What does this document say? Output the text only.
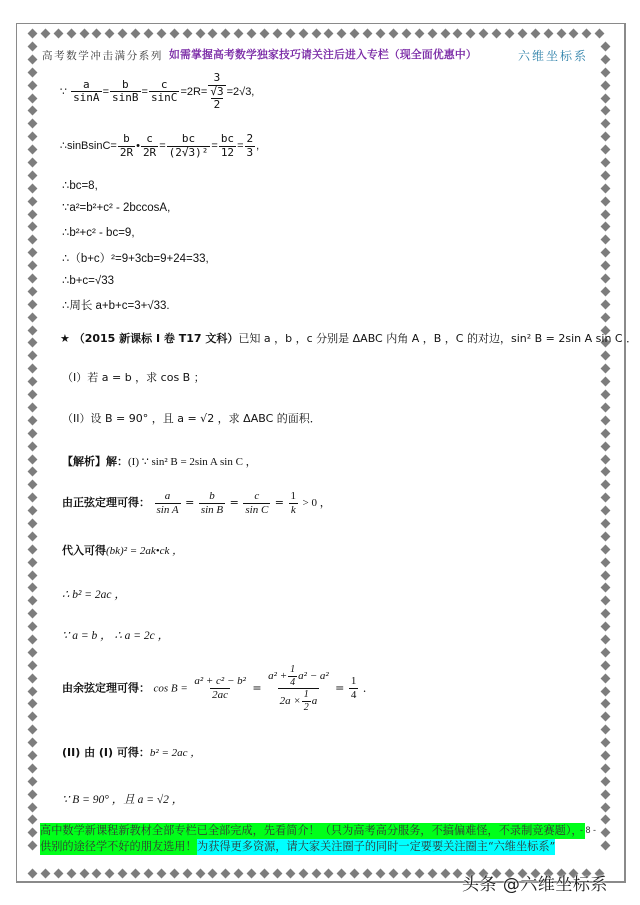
高考数学冲击满分系列 如需掌握高考数学独家技巧请关注后进入专栏（现全面优惠中）	六维坐标系
∵ $\frac{a}{\sin A} = \frac{b}{\sin B} = \frac{c}{\sin C} =2R= 3$
√3
2 =2√3,
∴sinBsinC= $\frac{b}{2R}$ • $\frac{c}{2R} = \frac{bc}{\text{(2√3)²}} = \frac{bc}{12} = \frac{2}{3}$ ,
∴bc=8,
∵a²=b²+c² - 2bccosA,
∴b²+c² - bc=9,
∴（b+c）²=9+3cb=9+24=33,
∴b+c=√33
∴周长 a+b+c=3+√33.
★ （2015 新课标 I 卷 T17 文科）已知 a ，b ，c 分别是 ΔABC 内角 A ，B ，C 的对边，sin² B = 2sin A sin C ．
（I）若 a = b ，求 cos B ；
（II）设 B = 90° ，且 a = √2 ，求 ΔABC 的面积．
【解析】解：(I) ∵ sin² B = 2sin A sin C ，
由正弦定理可得： $\frac{a}{\text{sin A}} = \frac{b}{\text{sin B}} = \frac{c}{\text{sin C}} = \frac{1}{k} > 0$ ，
代入可得(bk)² = 2ak•ck ，
∴ b² = 2ac ，
∵ a = b ， ∴ a = 2c ，
由余弦定理可得： $\cos B = \frac{\text{a² + c² − b²}}{2ac} = \frac{a^2 + \frac{1}{4} a^2 - a^2}{2a \times \frac{1}{2} a} = \frac{1}{4}$ ．
(II) 由 (I) 可得：b² = 2ac ，
∵ B = 90° ，且 a = √2 ，
高中数学新课程新教材全部专栏已全部完成，先看简介！（只为高考高分服务，不搞偏难怪，不录制竞赛题），
供别的途径学不好的朋友选用！ 为获得更多资源，请大家关注圈子的同时一定要要关注圈主“六维坐标系”
- 8 -
头条 @六维坐标系
